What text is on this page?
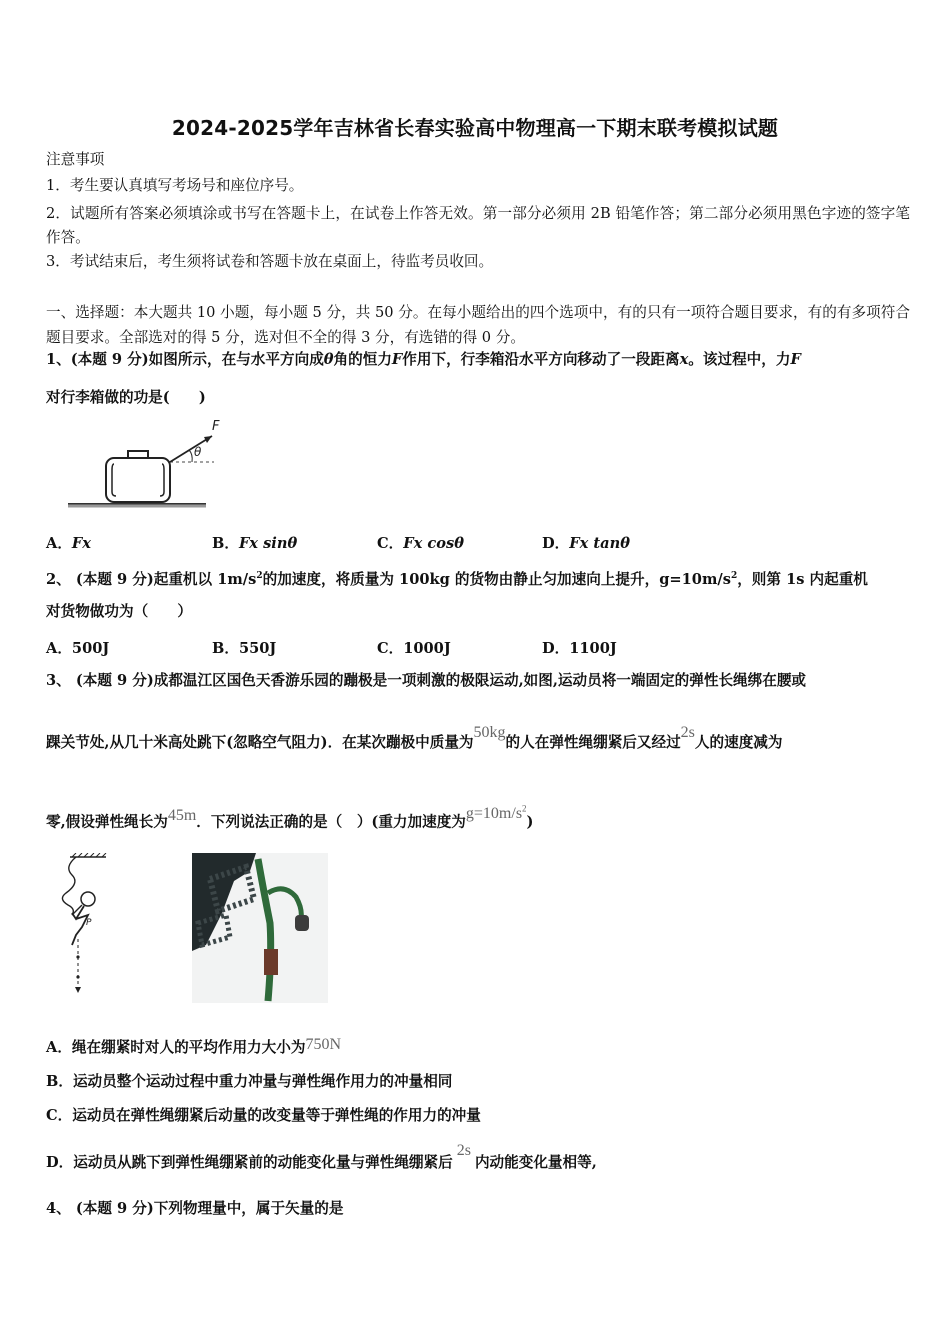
2024-2025学年吉林省长春实验高中物理高一下期末联考模拟试题
注意事项
1．考生要认真填写考场号和座位序号。
2．试题所有答案必须填涂或书写在答题卡上，在试卷上作答无效。第一部分必须用 2B 铅笔作答；第二部分必须用黑色字迹的签字笔作答。
3．考试结束后，考生须将试卷和答题卡放在桌面上，待监考员收回。
一、选择题：本大题共 10 小题，每小题 5 分，共 50 分。在每小题给出的四个选项中，有的只有一项符合题目要求，有的有多项符合题目要求。全部选对的得 5 分，选对但不全的得 3 分，有选错的得 0 分。
1、(本题 9 分)如图所示，在与水平方向成θ角的恒力F作用下，行李箱沿水平方向移动了一段距离x。该过程中，力F
对行李箱做的功是(　　)
θ
F
A．Fx	B．Fx sinθ	C．Fx cosθ	D．Fx tanθ
2、 (本题 9 分)起重机以 $1m/s^2$的加速度，将质量为 100kg 的货物由静止匀加速向上提升，$g=10m/s^2$，则第 1s 内起重机
对货物做功为（　　）
A．500J	B．550J	C．1000J	D．1100J
3、 (本题 9 分)成都温江区国色天香游乐园的蹦极是一项刺激的极限运动,如图,运动员将一端固定的弹性长绳绑在腰或
踝关节处,从几十米高处跳下(忽略空气阻力)．在某次蹦极中质量为50kg的人在弹性绳绷紧后又经过2s人的速度减为
零,假设弹性绳长为45m．下列说法正确的是（　）(重力加速度为$g=10m/s^2$)
P
A．绳在绷紧时对人的平均作用力大小为750N
B．运动员整个运动过程中重力冲量与弹性绳作用力的冲量相同
C．运动员在弹性绳绷紧后动量的改变量等于弹性绳的作用力的冲量
D．运动员从跳下到弹性绳绷紧前的动能变化量与弹性绳绷紧后2s内动能变化量相等,
4、 (本题 9 分)下列物理量中，属于矢量的是
